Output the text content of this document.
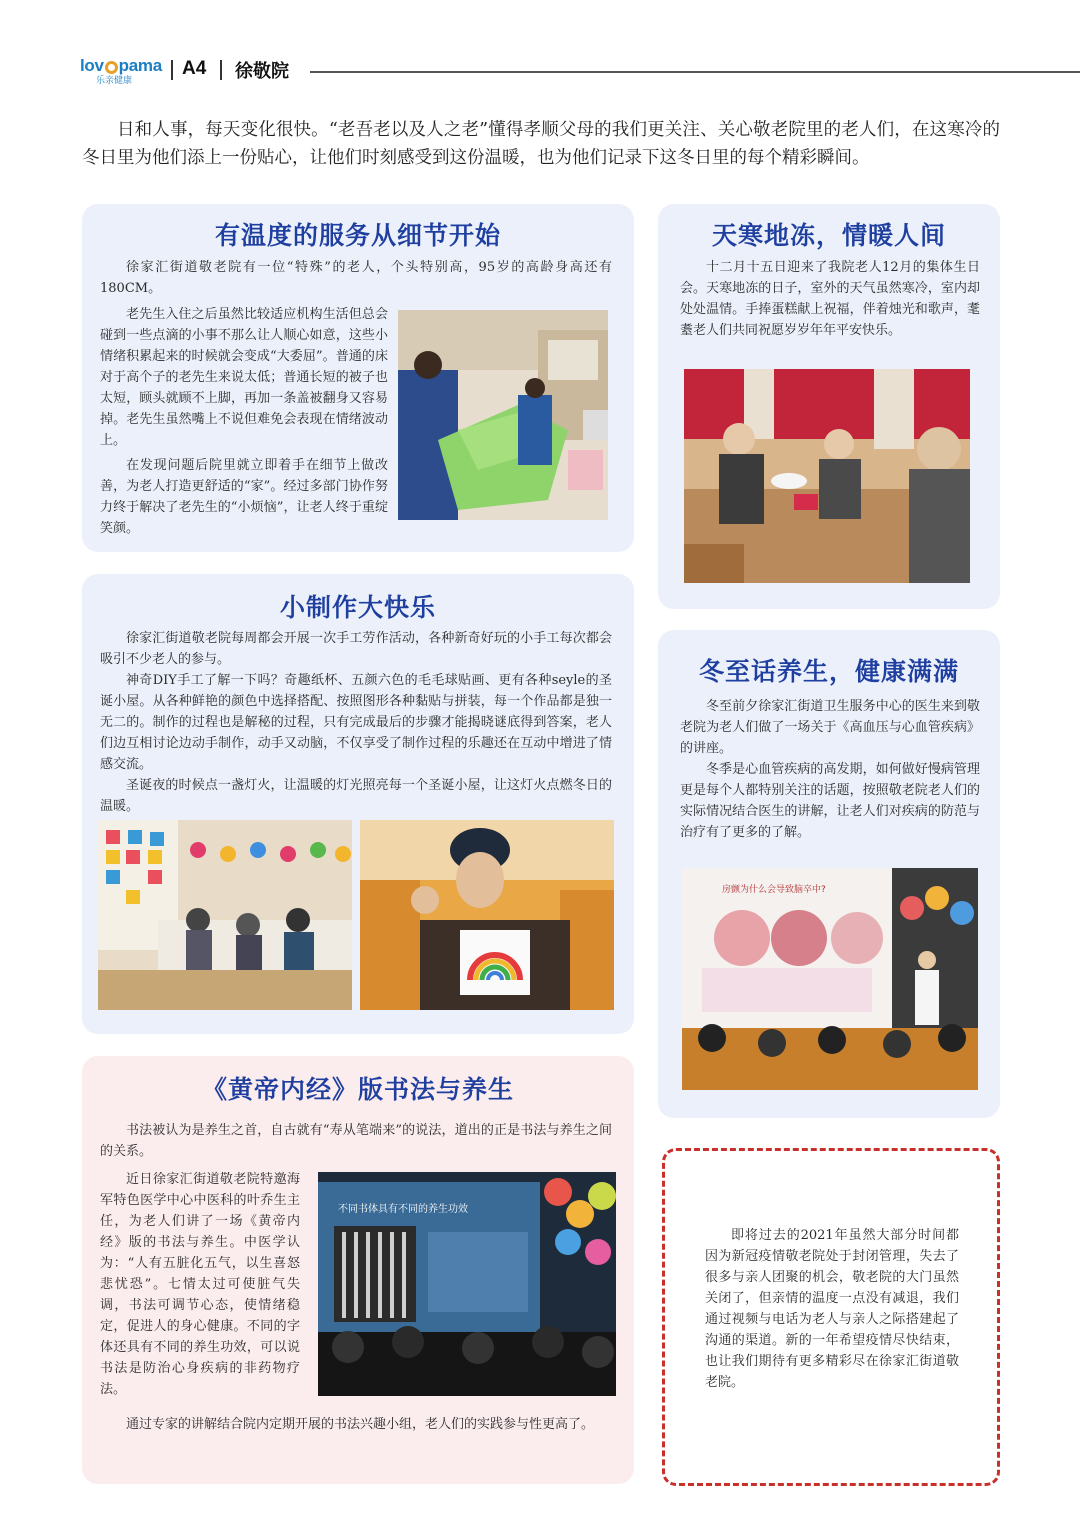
lov pama
乐亲健康
A4 徐敬院
日和人事，每天变化很快。“老吾老以及人之老”懂得孝顺父母的我们更关注、关心敬老院里的老人们，在这寒冷的冬日里为他们添上一份贴心，让他们时刻感受到这份温暖，也为他们记录下这冬日里的每个精彩瞬间。
有温度的服务从细节开始

徐家汇街道敬老院有一位“特殊”的老人，个头特别高，95岁的高龄身高还有180CM。

老先生入住之后虽然比较适应机构生活但总会碰到一些点滴的小事不那么让人顺心如意，这些小情绪积累起来的时候就会变成“大委屈”。普通的床对于高个子的老先生来说太低；普通长短的被子也太短，顾头就顾不上脚，再加一条盖被翻身又容易掉。老先生虽然嘴上不说但难免会表现在情绪波动上。

在发现问题后院里就立即着手在细节上做改善，为老人打造更舒适的“家”。经过多部门协作努力终于解决了老先生的“小烦恼”，让老人终于重绽笑颜。

天寒地冻，情暖人间

十二月十五日迎来了我院老人12月的集体生日会。天寒地冻的日子，室外的天气虽然寒冷，室内却处处温情。手捧蛋糕献上祝福，伴着烛光和歌声，耄耋老人们共同祝愿岁岁年年平安快乐。

小制作大快乐

徐家汇街道敬老院每周都会开展一次手工劳作活动，各种新奇好玩的小手工每次都会吸引不少老人的参与。

神奇DIY手工了解一下吗？奇趣纸杯、五颜六色的毛毛球贴画、更有各种seyle的圣诞小屋。从各种鲜艳的颜色中选择搭配、按照图形各种黏贴与拼装，每一个作品都是独一无二的。制作的过程也是解秘的过程，只有完成最后的步骤才能揭晓谜底得到答案，老人们边互相讨论边动手制作，动手又动脑，不仅享受了制作过程的乐趣还在互动中增进了情感交流。

圣诞夜的时候点一盏灯火，让温暖的灯光照亮每一个圣诞小屋，让这灯火点燃冬日的温暖。

冬至话养生，健康满满

冬至前夕徐家汇街道卫生服务中心的医生来到敬老院为老人们做了一场关于《高血压与心血管疾病》的讲座。

冬季是心血管疾病的高发期，如何做好慢病管理更是每个人都特别关注的话题，按照敬老院老人们的实际情况结合医生的讲解，让老人们对疾病的防范与治疗有了更多的了解。

房颤为什么会导致脑卒中?
《黄帝内经》版书法与养生

书法被认为是养生之首，自古就有“寿从笔端来”的说法，道出的正是书法与养生之间的关系。

近日徐家汇街道敬老院特邀海军特色医学中心中医科的叶乔生主任，为老人们讲了一场《黄帝内经》版的书法与养生。中医学认为：“人有五脏化五气，以生喜怒悲忧恐”。七情太过可使脏气失调，书法可调节心态，使情绪稳定，促进人的身心健康。不同的字体还具有不同的养生功效，可以说书法是防治心身疾病的非药物疗法。

不同书体具有不同的养生功效

通过专家的讲解结合院内定期开展的书法兴趣小组，老人们的实践参与性更高了。

即将过去的2021年虽然大部分时间都因为新冠疫情敬老院处于封闭管理，失去了很多与亲人团聚的机会，敬老院的大门虽然关闭了，但亲情的温度一点没有减退，我们通过视频与电话为老人与亲人之际搭建起了沟通的渠道。新的一年希望疫情尽快结束，也让我们期待有更多精彩尽在徐家汇街道敬老院。
